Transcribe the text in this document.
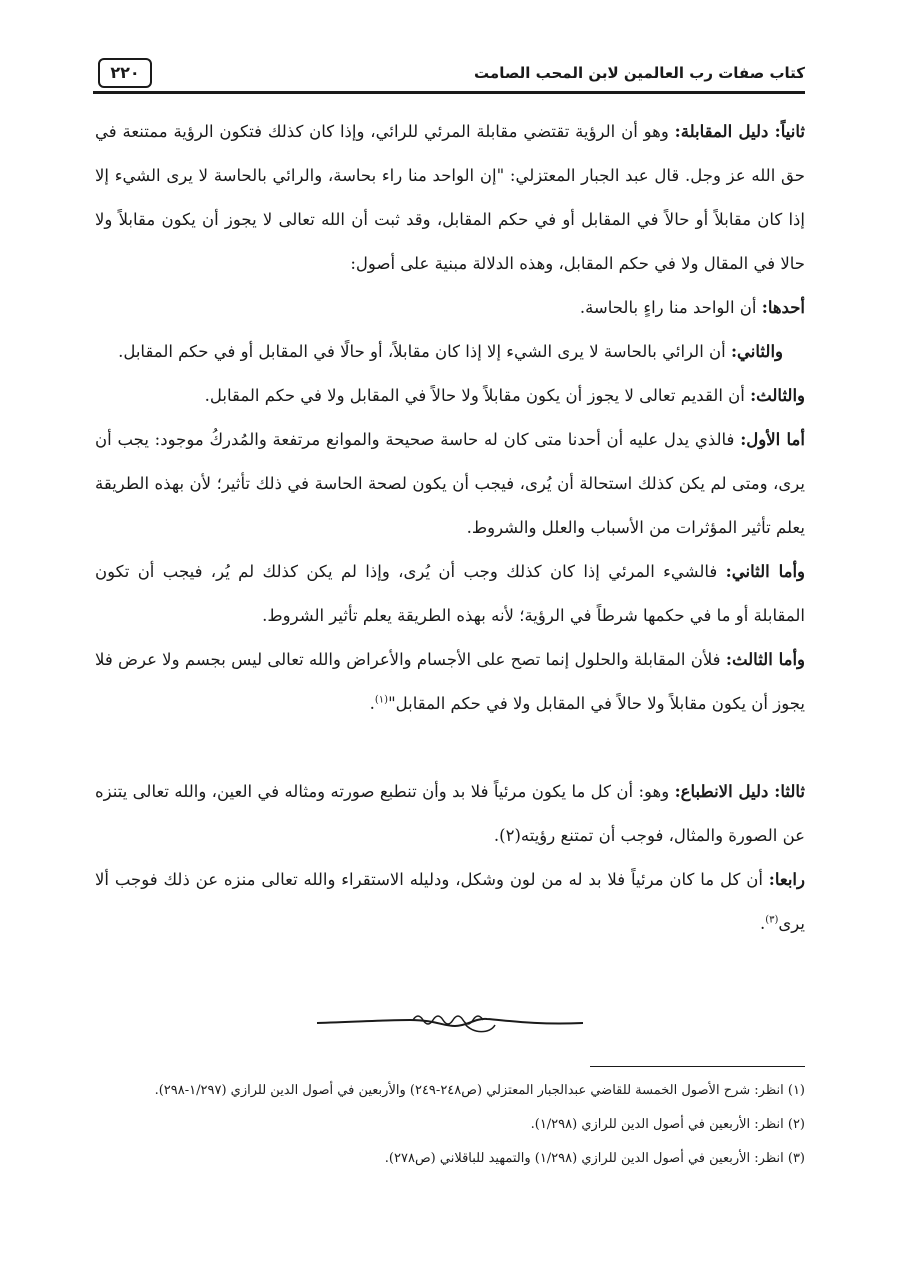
كتاب صفات رب العالمين لابن المحب الصامت
٢٢٠

ثانياً: دليل المقابلة: وهو أن الرؤية تقتضي مقابلة المرئي للرائي، وإذا كان كذلك فتكون الرؤية ممتنعة في حق الله عز وجل. قال عبد الجبار المعتزلي: "إن الواحد منا راء بحاسة، والرائي بالحاسة لا يرى الشيء إلا إذا كان مقابلاً أو حالاً في المقابل أو في حكم المقابل، وقد ثبت أن الله تعالى لا يجوز أن يكون مقابلاً ولا حالا في المقال ولا في حكم المقابل، وهذه الدلالة مبنية على أصول:

أحدها: أن الواحد منا راءٍ بالحاسة.

والثاني: أن الرائي بالحاسة لا يرى الشيء إلا إذا كان مقابلاً، أو حالًا في المقابل أو في حكم المقابل.

والثالث: أن القديم تعالى لا يجوز أن يكون مقابلاً ولا حالاً في المقابل ولا في حكم المقابل.

أما الأول: فالذي يدل عليه أن أحدنا متى كان له حاسة صحيحة والموانع مرتفعة والمُدركُ موجود: يجب أن يرى، ومتى لم يكن كذلك استحالة أن يُرى، فيجب أن يكون لصحة الحاسة في ذلك تأثير؛ لأن بهذه الطريقة يعلم تأثير المؤثرات من الأسباب والعلل والشروط.

وأما الثاني: فالشيء المرئي إذا كان كذلك وجب أن يُرى، وإذا لم يكن كذلك لم يُر، فيجب أن تكون المقابلة أو ما في حكمها شرطاً في الرؤية؛ لأنه بهذه الطريقة يعلم تأثير الشروط.

وأما الثالث: فلأن المقابلة والحلول إنما تصح على الأجسام والأعراض والله تعالى ليس بجسم ولا عرض فلا يجوز أن يكون مقابلاً ولا حالاً في المقابل ولا في حكم المقابل"$^{(١)}$.

ثالثا: دليل الانطباع: وهو: أن كل ما يكون مرئياً فلا بد وأن تنطبع صورته ومثاله في العين، والله تعالى يتنزه عن الصورة والمثال، فوجب أن تمتنع رؤيته(٢).

رابعا: أن كل ما كان مرئياً فلا بد له من لون وشكل، ودليله الاستقراء والله تعالى منزه عن ذلك فوجب ألا يرى$^{(٣)}$.

(١) انظر: شرح الأصول الخمسة للقاضي عبدالجبار المعتزلي (ص٢٤٨-٢٤٩) والأربعين في أصول الدين للرازي (١/٢٩٧-٢٩٨).
(٢) انظر: الأربعين في أصول الدين للرازي (١/٢٩٨).
(٣) انظر: الأربعين في أصول الدين للرازي (١/٢٩٨) والتمهيد للباقلاني (ص٢٧٨).
